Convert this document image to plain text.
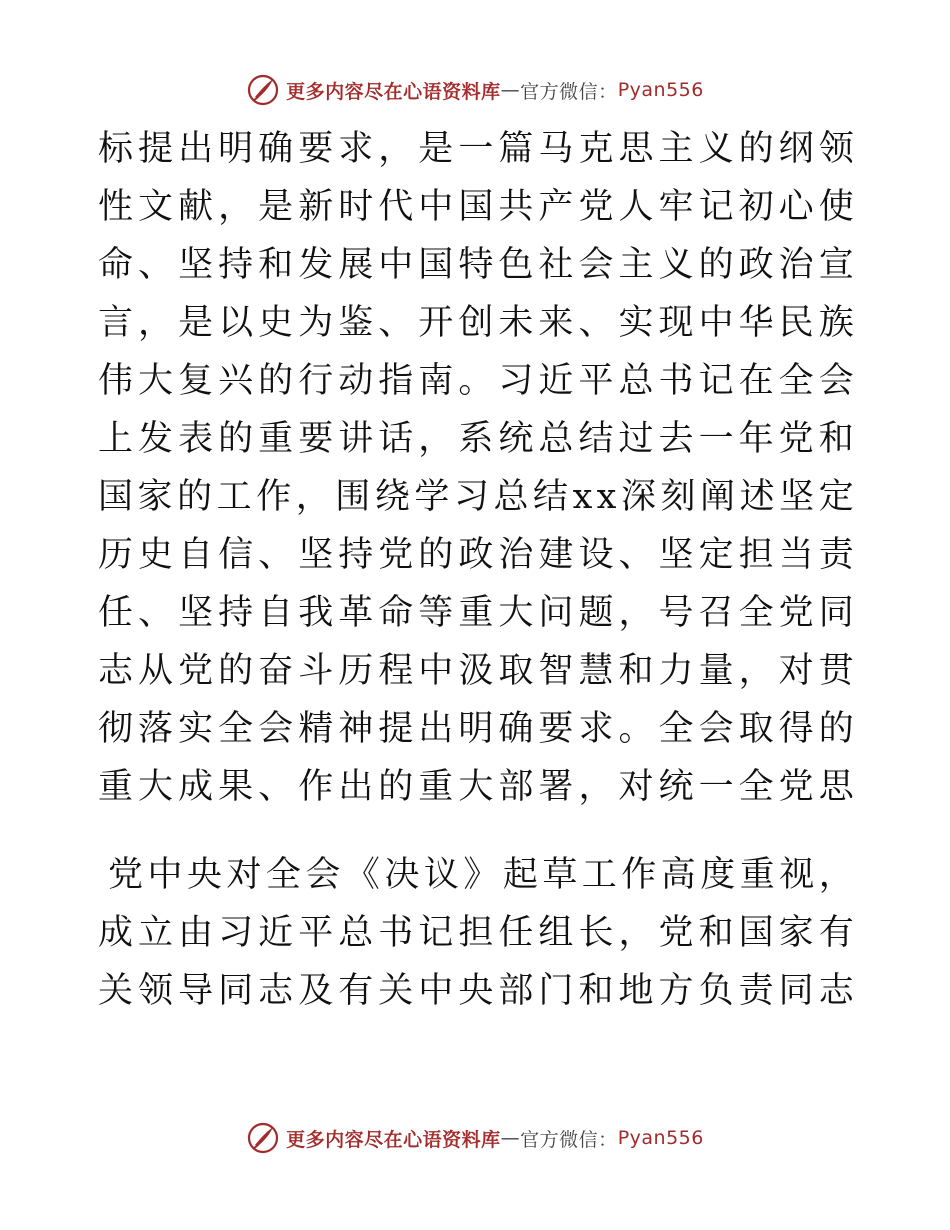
更多内容尽在心语资料库 — 官方微信： Pyan556

标提出明确要求，是一篇马克思主义的纲领性文献，是新时代中国共产党人牢记初心使命、坚持和发展中国特色社会主义的政治宣言，是以史为鉴、开创未来、实现中华民族伟大复兴的行动指南。习近平总书记在全会上发表的重要讲话，系统总结过去一年党和国家的工作，围绕学习总结xx深刻阐述坚定历史自信、坚持党的政治建设、坚定担当责任、坚持自我革命等重大问题，号召全党同志从党的奋斗历程中汲取智慧和力量，对贯彻落实全会精神提出明确要求。全会取得的重大成果、作出的重大部署，对统一全党思

党中央对全会《决议》起草工作高度重视，成立由习近平总书记担任组长，党和国家有关领导同志及有关中央部门和地方负责同志

更多内容尽在心语资料库 — 官方微信： Pyan556
